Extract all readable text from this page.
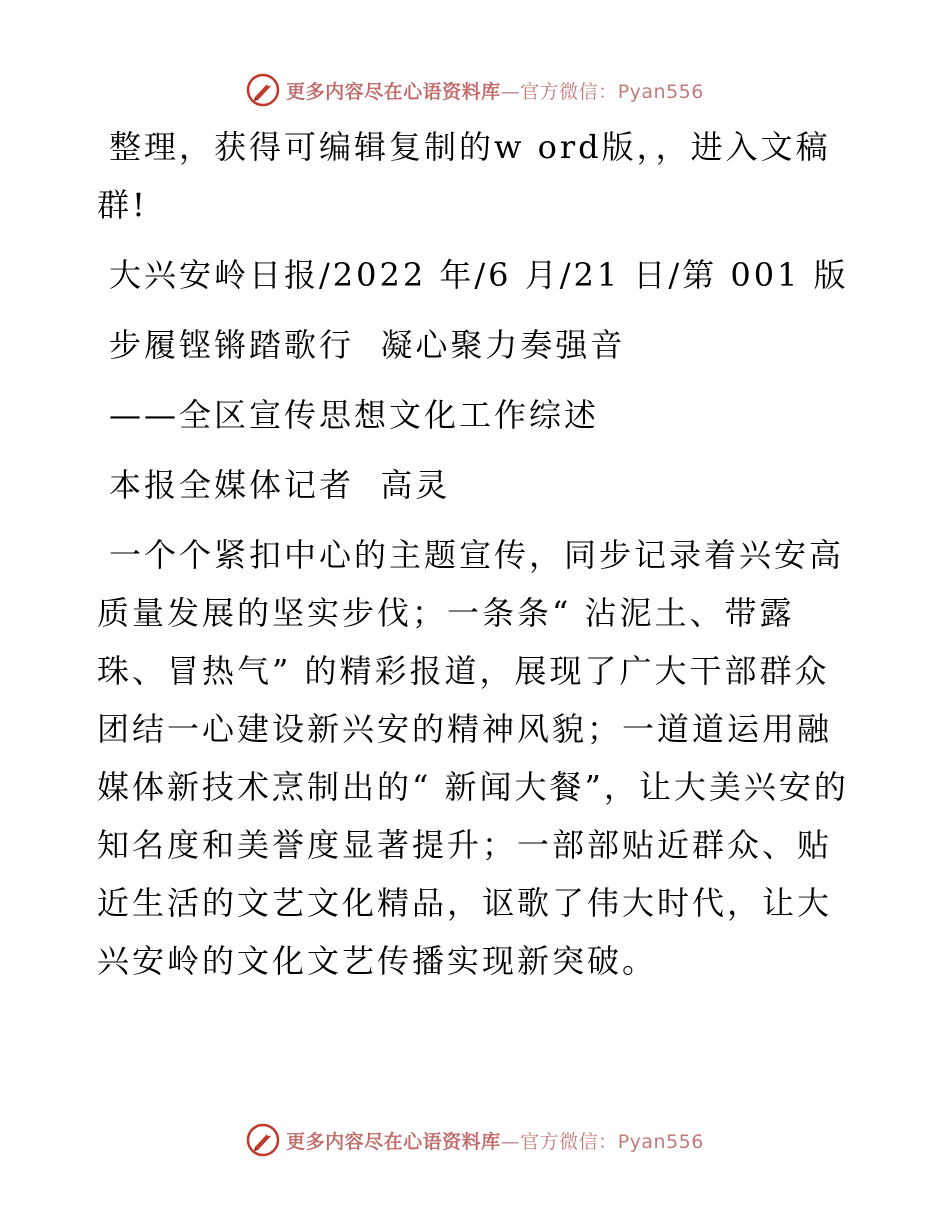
更多内容尽在心语资料库—官方微信：Pyan556

整理，获得可编辑复制的w ord版，，进入文稿群!

大兴安岭日报/2022 年/6 月/21 日/第 001 版

步履铿锵踏歌行  凝心聚力奏强音

——全区宣传思想文化工作综述

本报全媒体记者  高灵

一个个紧扣中心的主题宣传，同步记录着兴安高质量发展的坚实步伐；一条条“ 沾泥土、带露珠、冒热气” 的精彩报道，展现了广大干部群众团结一心建设新兴安的精神风貌；一道道运用融媒体新技术烹制出的“ 新闻大餐”，让大美兴安的知名度和美誉度显著提升；一部部贴近群众、贴近生活的文艺文化精品，讴歌了伟大时代，让大兴安岭的文化文艺传播实现新突破。

更多内容尽在心语资料库—官方微信：Pyan556
